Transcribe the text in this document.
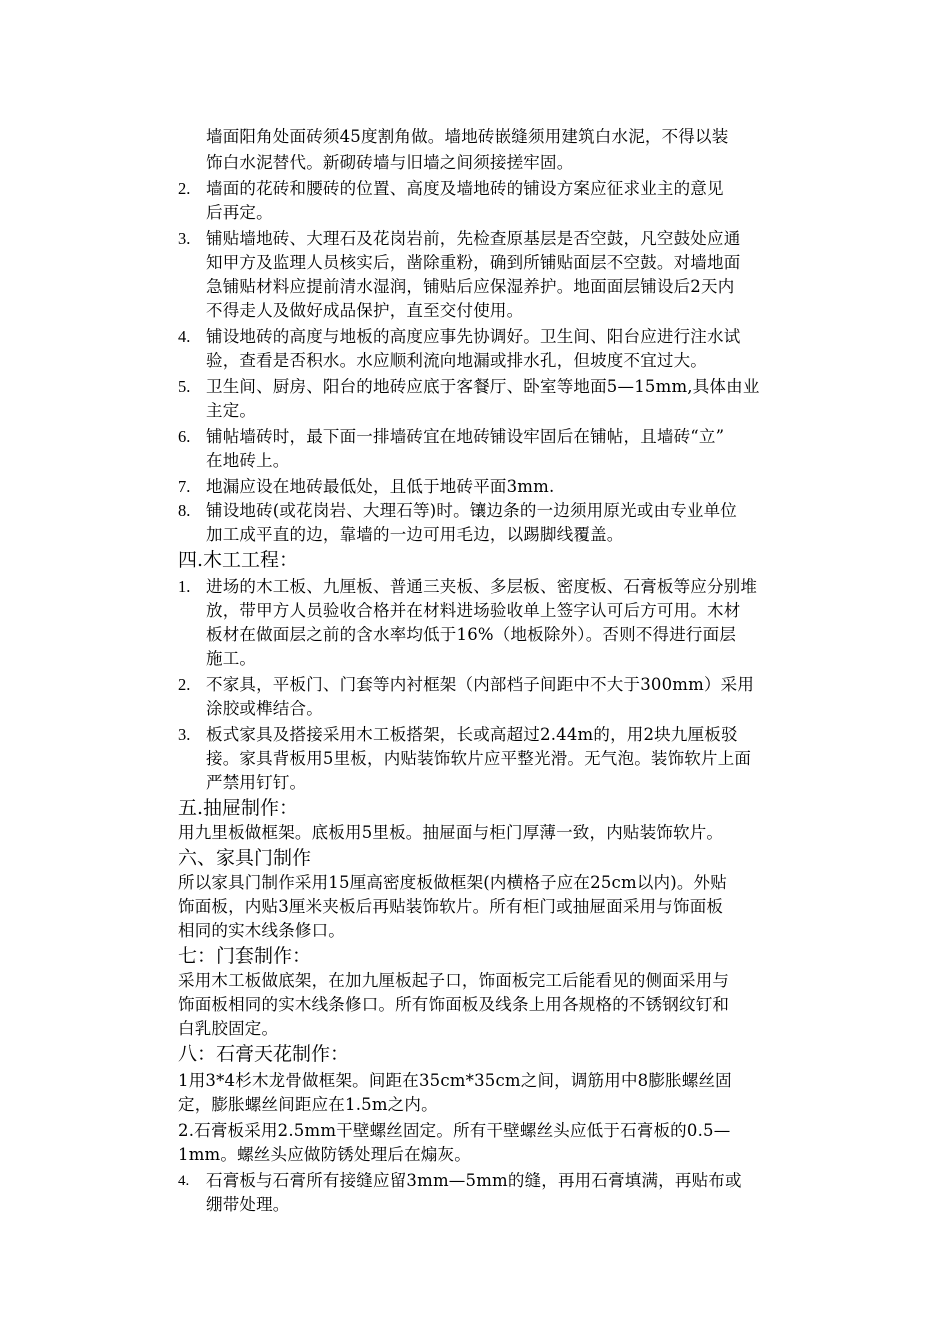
墙面阳角处面砖须45度割角做。墙地砖嵌缝须用建筑白水泥，不得以装
饰白水泥替代。新砌砖墙与旧墙之间须接搓牢固。
2. 墙面的花砖和腰砖的位置、高度及墙地砖的铺设方案应征求业主的意见
后再定。
3. 铺贴墙地砖、大理石及花岗岩前，先检查原基层是否空鼓，凡空鼓处应通
知甲方及监理人员核实后，凿除重粉，确到所铺贴面层不空鼓。对墙地面
急铺贴材料应提前清水湿润，铺贴后应保湿养护。地面面层铺设后2天内
不得走人及做好成品保护，直至交付使用。
4. 铺设地砖的高度与地板的高度应事先协调好。卫生间、阳台应进行注水试
验，查看是否积水。水应顺利流向地漏或排水孔，但坡度不宜过大。
5. 卫生间、厨房、阳台的地砖应底于客餐厅、卧室等地面5—15mm,具体由业
主定。
6. 铺帖墙砖时，最下面一排墙砖宜在地砖铺设牢固后在铺帖，且墙砖“立”
在地砖上。
7. 地漏应设在地砖最低处，且低于地砖平面3mm.
8. 铺设地砖(或花岗岩、大理石等)时。镶边条的一边须用原光或由专业单位
加工成平直的边，靠墙的一边可用毛边，以踢脚线覆盖。
四.木工工程：
1. 进场的木工板、九厘板、普通三夹板、多层板、密度板、石膏板等应分别堆
放，带甲方人员验收合格并在材料进场验收单上签字认可后方可用。木材
板材在做面层之前的含水率均低于16%（地板除外）。否则不得进行面层
施工。
2. 不家具，平板门、门套等内衬框架（内部档子间距中不大于300mm）采用
涂胶或榫结合。
3. 板式家具及搭接采用木工板搭架，长或高超过2.44m的，用2块九厘板驳
接。家具背板用5里板，内贴装饰软片应平整光滑。无气泡。装饰软片上面
严禁用钉钉。
五.抽屉制作：
用九里板做框架。底板用5里板。抽屉面与柜门厚薄一致，内贴装饰软片。
六、家具门制作
所以家具门制作采用15厘高密度板做框架(内横格子应在25cm以内)。外贴
饰面板，内贴3厘米夹板后再贴装饰软片。所有柜门或抽屉面采用与饰面板
相同的实木线条修口。
七：门套制作：
采用木工板做底架，在加九厘板起子口，饰面板完工后能看见的侧面采用与
饰面板相同的实木线条修口。所有饰面板及线条上用各规格的不锈钢纹钉和
白乳胶固定。
八：石膏天花制作：
1用3*4杉木龙骨做框架。间距在35cm*35cm之间，调筋用中8膨胀螺丝固
定，膨胀螺丝间距应在1.5m之内。
2.石膏板采用2.5mm干壁螺丝固定。所有干壁螺丝头应低于石膏板的0.5—
1mm。螺丝头应做防锈处理后在煽灰。
4. 石膏板与石膏所有接缝应留3mm—5mm的缝，再用石膏填满，再贴布或
绷带处理。
